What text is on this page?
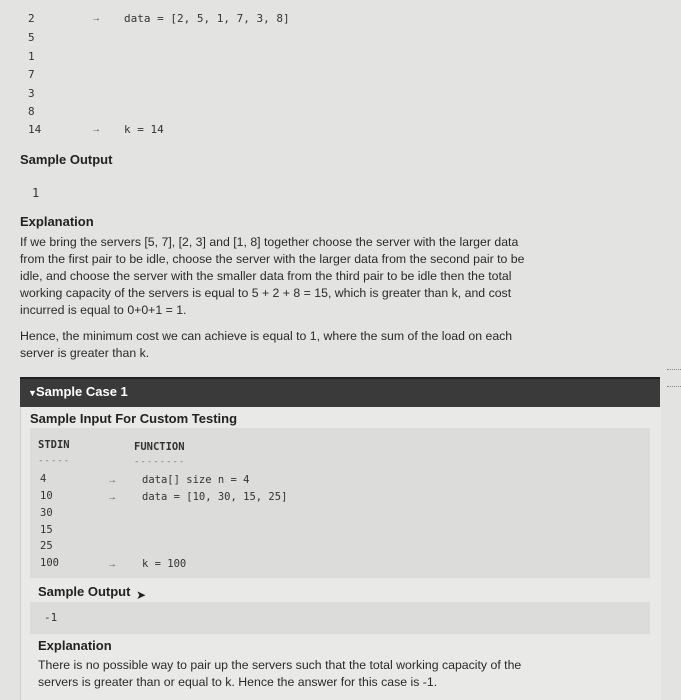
2
5
1
7
3
8
14
→ data = [2, 5, 1, 7, 3, 8]
→ k = 14
Sample Output
1
Explanation
If we bring the servers [5, 7], [2, 3] and [1, 8] together choose the server with the larger data
from the first pair to be idle, choose the server with the larger data from the second pair to be
idle, and choose the server with the smaller data from the third pair to be idle then the total
working capacity of the servers is equal to 5 + 2 + 8 = 15, which is greater than k, and cost
incurred is equal to 0+0+1 = 1.
Hence, the minimum cost we can achieve is equal to 1, where the sum of the load on each
server is greater than k.
▼ Sample Case 1
Sample Input For Custom Testing
STDIN	FUNCTION
-----	--------
4
10
30
15
25
100
→
→
→
data[] size n = 4
data = [10, 30, 15, 25]
k = 100
Sample Output ➤
-1
Explanation
There is no possible way to pair up the servers such that the total working capacity of the
servers is greater than or equal to k. Hence the answer for this case is -1.
